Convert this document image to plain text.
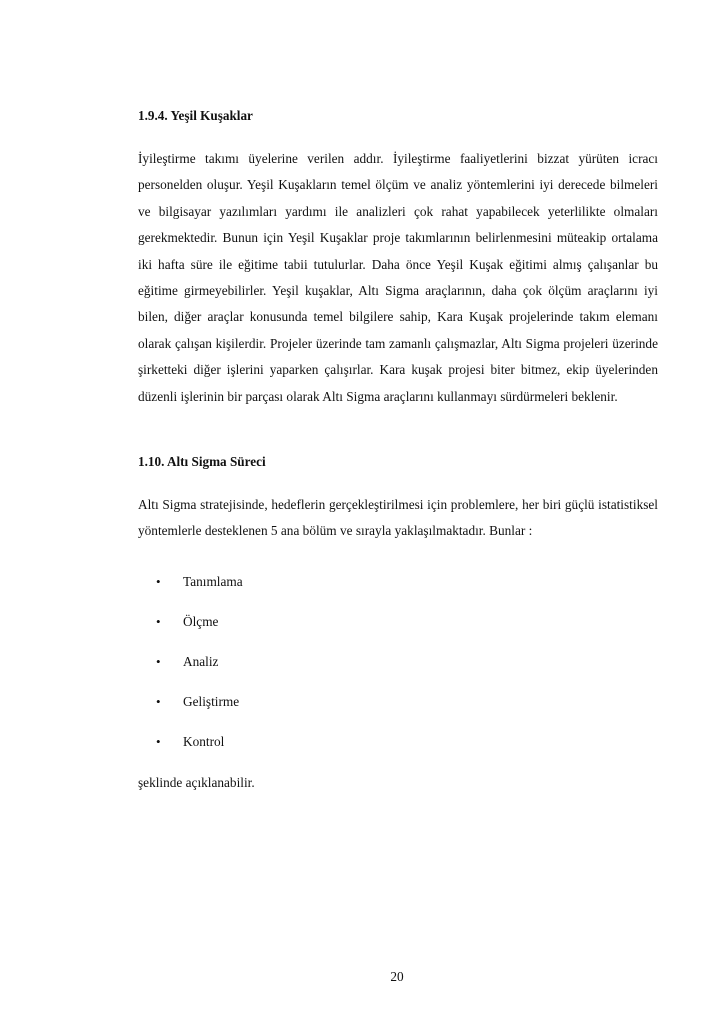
1.9.4. Yeşil Kuşaklar

İyileştirme takımı üyelerine verilen addır. İyileştirme faaliyetlerini bizzat yürüten icracı personelden oluşur. Yeşil Kuşakların temel ölçüm ve analiz yöntemlerini iyi derecede bilmeleri ve bilgisayar yazılımları yardımı ile analizleri çok rahat yapabilecek yeterlilikte olmaları gerekmektedir. Bunun için Yeşil Kuşaklar proje takımlarının belirlenmesini müteakip ortalama iki hafta süre ile eğitime tabii tutulurlar. Daha önce Yeşil Kuşak eğitimi almış çalışanlar bu eğitime girmeyebilirler. Yeşil kuşaklar, Altı Sigma araçlarının, daha çok ölçüm araçlarını iyi bilen, diğer araçlar konusunda temel bilgilere sahip, Kara Kuşak projelerinde takım elemanı olarak çalışan kişilerdir. Projeler üzerinde tam zamanlı çalışmazlar, Altı Sigma projeleri üzerinde şirketteki diğer işlerini yaparken çalışırlar. Kara kuşak projesi biter bitmez, ekip üyelerinden düzenli işlerinin bir parçası olarak Altı Sigma araçlarını kullanmayı sürdürmeleri beklenir.

1.10. Altı Sigma Süreci

Altı Sigma stratejisinde, hedeflerin gerçekleştirilmesi için problemlere, her biri güçlü istatistiksel yöntemlerle desteklenen 5 ana bölüm ve sırayla yaklaşılmaktadır. Bunlar :

• Tanımlama
• Ölçme
• Analiz
• Geliştirme
• Kontrol

şeklinde açıklanabilir.

20
